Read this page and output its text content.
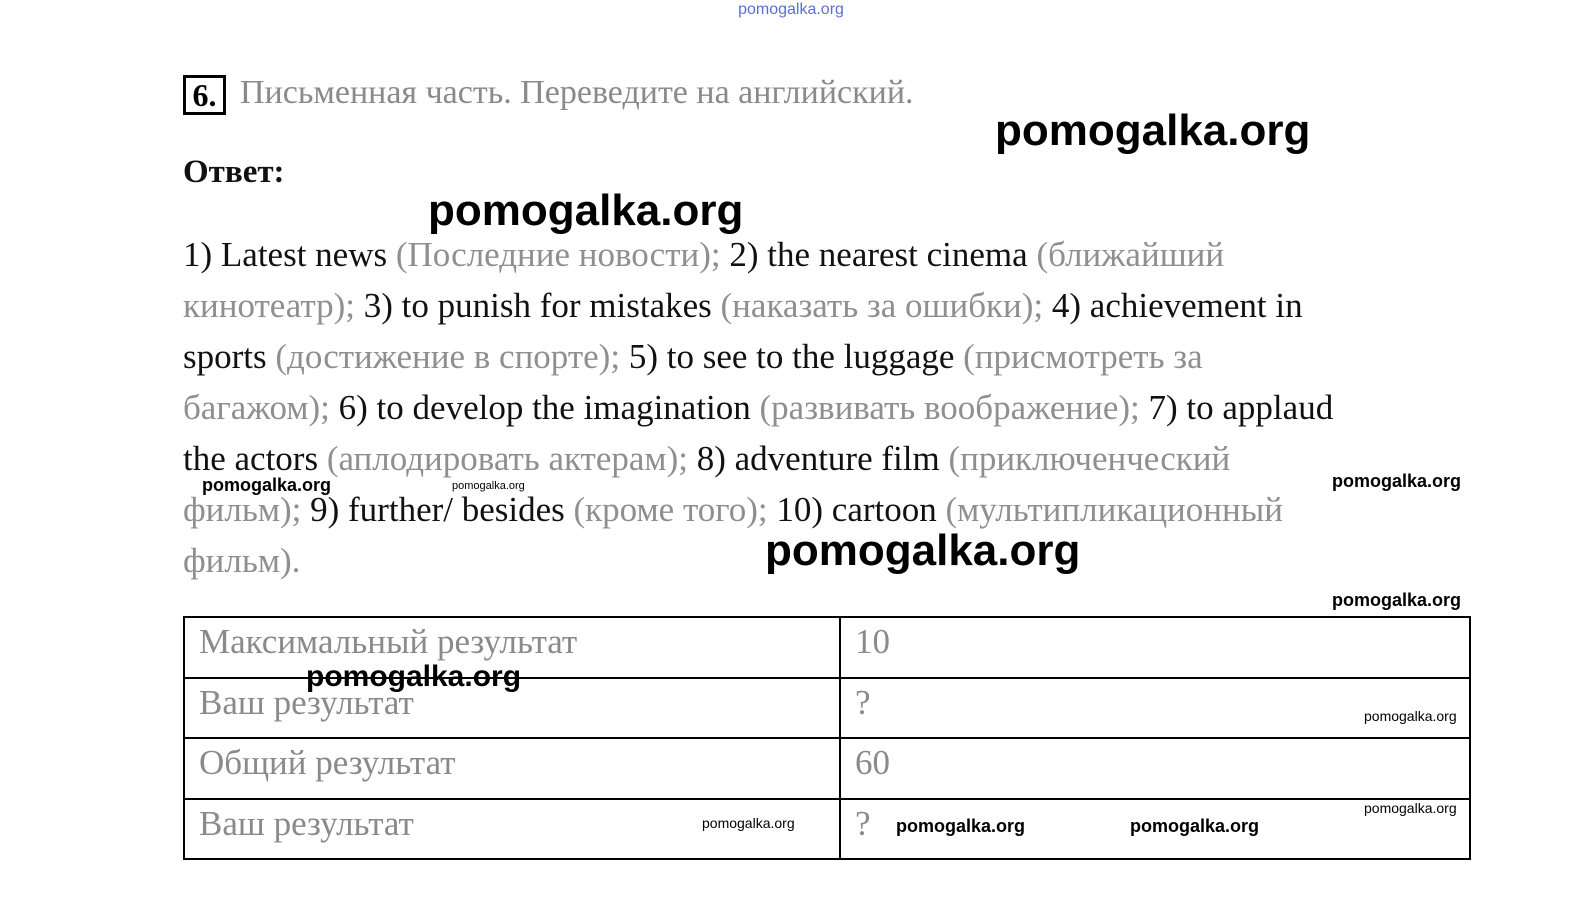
pomogalka.org
6. Письменная часть. Переведите на английский.
Ответ:
1) Latest news (Последние новости); 2) the nearest cinema (ближайший
кинотеатр); 3) to punish for mistakes (наказать за ошибки); 4) achievement in
sports (достижение в спорте); 5) to see to the luggage (присмотреть за
багажом); 6) to develop the imagination (развивать воображение); 7) to applaud
the actors (аплодировать актерам); 8) adventure film (приключенческий
фильм); 9) further/ besides (кроме того); 10) cartoon (мультипликационный
фильм).
Максимальный результат	10
Ваш результат	?
Общий результат	60
Ваш результат	?
pomogalka.org
pomogalka.org
pomogalka.org	pomogalka.org	pomogalka.org
pomogalka.org
pomogalka.org
pomogalka.org
pomogalka.org
pomogalka.org
pomogalka.org	pomogalka.org	pomogalka.org
